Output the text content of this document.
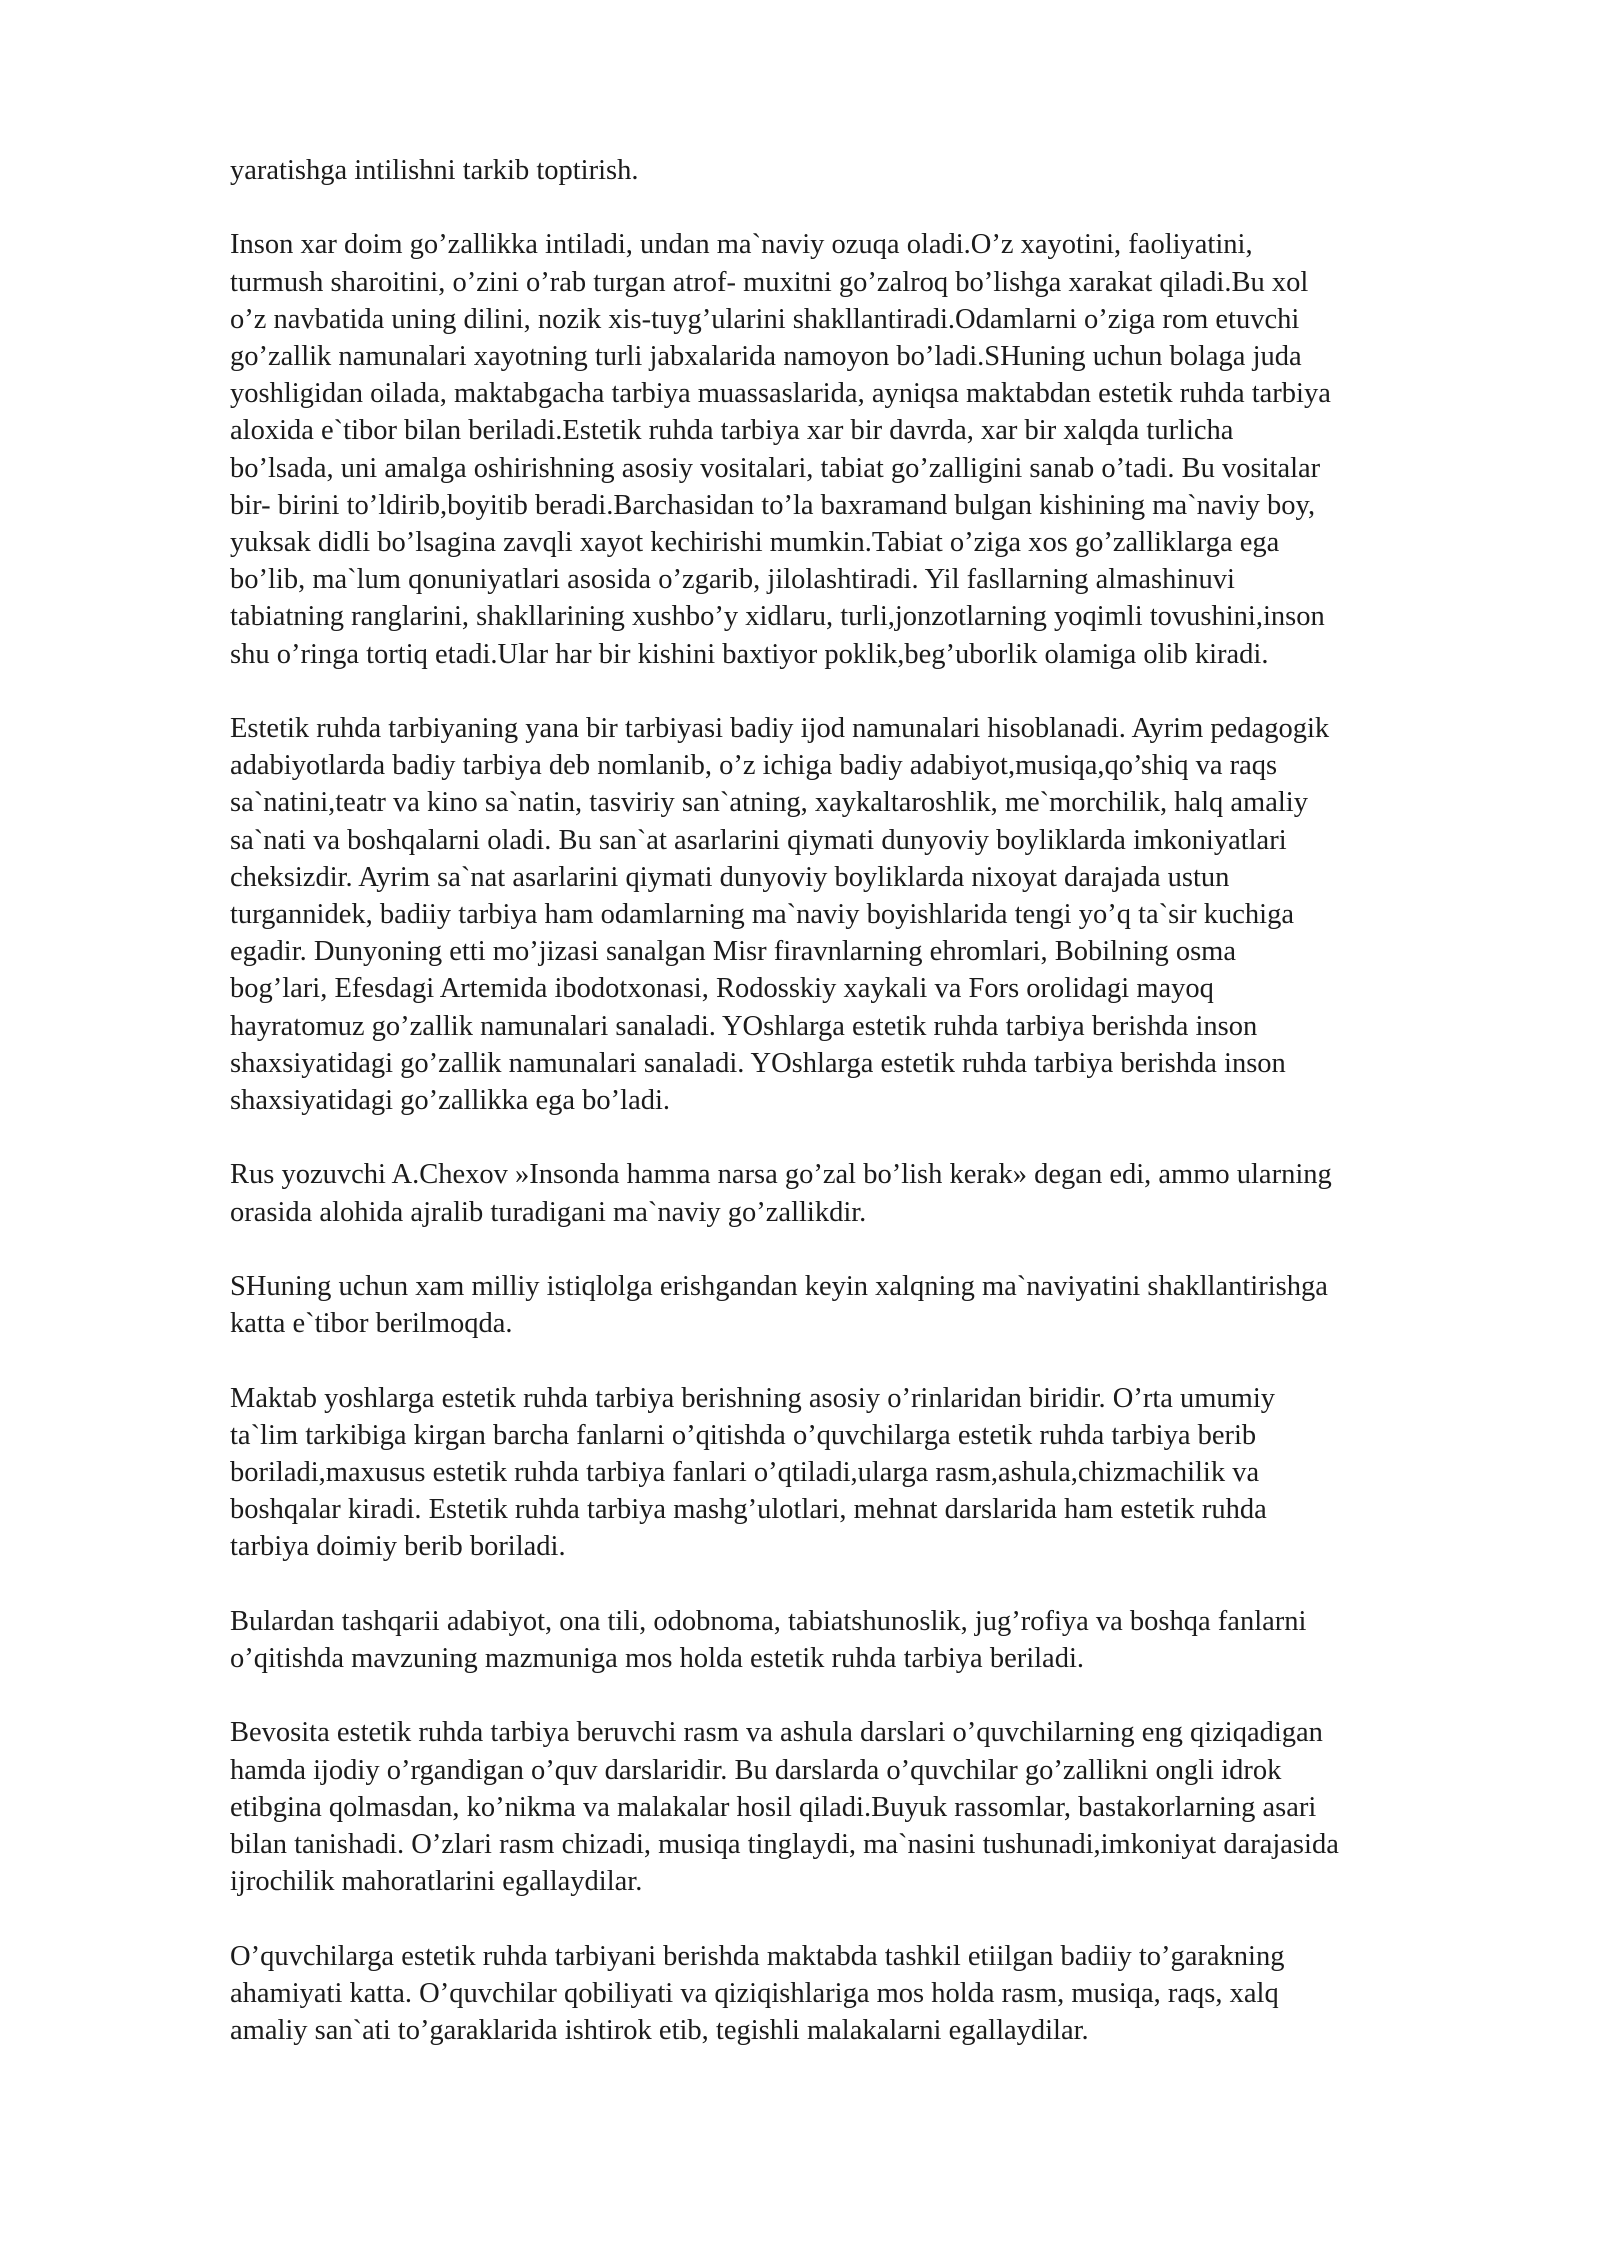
yaratishga intilishni tarkib toptirish.

Inson xar doim go’zallikka intiladi, undan ma`naviy ozuqa oladi.O’z xayotini, faoliyatini,
turmush sharoitini, o’zini o’rab turgan atrof- muxitni go’zalroq bo’lishga xarakat qiladi.Bu xol
o’z navbatida uning dilini, nozik xis-tuyg’ularini shakllantiradi.Odamlarni o’ziga rom etuvchi
go’zallik namunalari xayotning turli jabxalarida namoyon bo’ladi.SHuning uchun bolaga juda
yoshligidan oilada, maktabgacha tarbiya muassaslarida, ayniqsa maktabdan estetik ruhda tarbiya
aloxida e`tibor bilan beriladi.Estetik ruhda tarbiya xar bir davrda, xar bir xalqda turlicha
bo’lsada, uni amalga oshirishning asosiy vositalari, tabiat go’zalligini sanab o’tadi. Bu vositalar
bir- birini to’ldirib,boyitib beradi.Barchasidan to’la baxramand bulgan kishining ma`naviy boy,
yuksak didli bo’lsagina zavqli xayot kechirishi mumkin.Tabiat o’ziga xos go’zalliklarga ega
bo’lib, ma`lum qonuniyatlari asosida o’zgarib, jilolashtiradi. Yil fasllarning almashinuvi
tabiatning ranglarini, shakllarining xushbo’y xidlaru, turli,jonzotlarning yoqimli tovushini,inson
shu o’ringa tortiq etadi.Ular har bir kishini baxtiyor poklik,beg’uborlik olamiga olib kiradi.

Estetik ruhda tarbiyaning yana bir tarbiyasi badiy ijod namunalari hisoblanadi. Ayrim pedagogik
adabiyotlarda badiy tarbiya deb nomlanib, o’z ichiga badiy adabiyot,musiqa,qo’shiq va raqs
sa`natini,teatr va kino sa`natin, tasviriy san`atning, xaykaltaroshlik, me`morchilik, halq amaliy
sa`nati va boshqalarni oladi. Bu san`at asarlarini qiymati dunyoviy boyliklarda imkoniyatlari
cheksizdir. Ayrim sa`nat asarlarini qiymati dunyoviy boyliklarda nixoyat darajada ustun
turgannidek, badiiy tarbiya ham odamlarning ma`naviy boyishlarida tengi yo’q ta`sir kuchiga
egadir. Dunyoning etti mo’jizasi sanalgan Misr firavnlarning ehromlari, Bobilning osma
bog’lari, Efesdagi Artemida ibodotxonasi, Rodosskiy xaykali va Fors orolidagi mayoq
hayratomuz go’zallik namunalari sanaladi. YOshlarga estetik ruhda tarbiya berishda inson
shaxsiyatidagi go’zallik namunalari sanaladi. YOshlarga estetik ruhda tarbiya berishda inson
shaxsiyatidagi go’zallikka ega bo’ladi.

Rus yozuvchi A.Chexov »Insonda hamma narsa go’zal bo’lish kerak» degan edi, ammo ularning
orasida alohida ajralib turadigani ma`naviy go’zallikdir.

SHuning uchun xam milliy istiqlolga erishgandan keyin xalqning ma`naviyatini shakllantirishga
katta e`tibor berilmoqda.

Maktab yoshlarga estetik ruhda tarbiya berishning asosiy o’rinlaridan biridir. O’rta umumiy
ta`lim tarkibiga kirgan barcha fanlarni o’qitishda o’quvchilarga estetik ruhda tarbiya berib
boriladi,maxusus estetik ruhda tarbiya fanlari o’qtiladi,ularga rasm,ashula,chizmachilik va
boshqalar kiradi. Estetik ruhda tarbiya mashg’ulotlari, mehnat darslarida ham estetik ruhda
tarbiya doimiy berib boriladi.

Bulardan tashqarii adabiyot, ona tili, odobnoma, tabiatshunoslik, jug’rofiya va boshqa fanlarni
o’qitishda mavzuning mazmuniga mos holda estetik ruhda tarbiya beriladi.

Bevosita estetik ruhda tarbiya beruvchi rasm va ashula darslari o’quvchilarning eng qiziqadigan
hamda ijodiy o’rgandigan o’quv darslaridir. Bu darslarda o’quvchilar go’zallikni ongli idrok
etibgina qolmasdan, ko’nikma va malakalar hosil qiladi.Buyuk rassomlar, bastakorlarning asari
bilan tanishadi. O’zlari rasm chizadi, musiqa tinglaydi, ma`nasini tushunadi,imkoniyat darajasida
ijrochilik mahoratlarini egallaydilar.

O’quvchilarga estetik ruhda tarbiyani berishda maktabda tashkil etiilgan badiiy to’garakning
ahamiyati katta. O’quvchilar qobiliyati va qiziqishlariga mos holda rasm, musiqa, raqs, xalq
amaliy san`ati to’garaklarida ishtirok etib, tegishli malakalarni egallaydilar.
